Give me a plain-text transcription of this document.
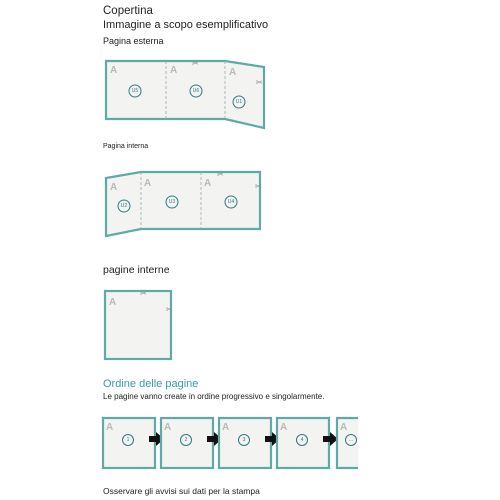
Copertina
Immagine a scopo esemplificativo
Pagina esterna
A	A	A
✂
✂
U5	U6
U1
Pagina interna
A	A	A
✂
✂
U2
U3	U4
pagine interne
A
✂
✂
Ordine delle pagine
Le pagine vanno create in ordine progressivo e singolarmente.
A
1
A
2
A
3
A
4
A
...
Osservare gli avvisi sui dati per la stampa
